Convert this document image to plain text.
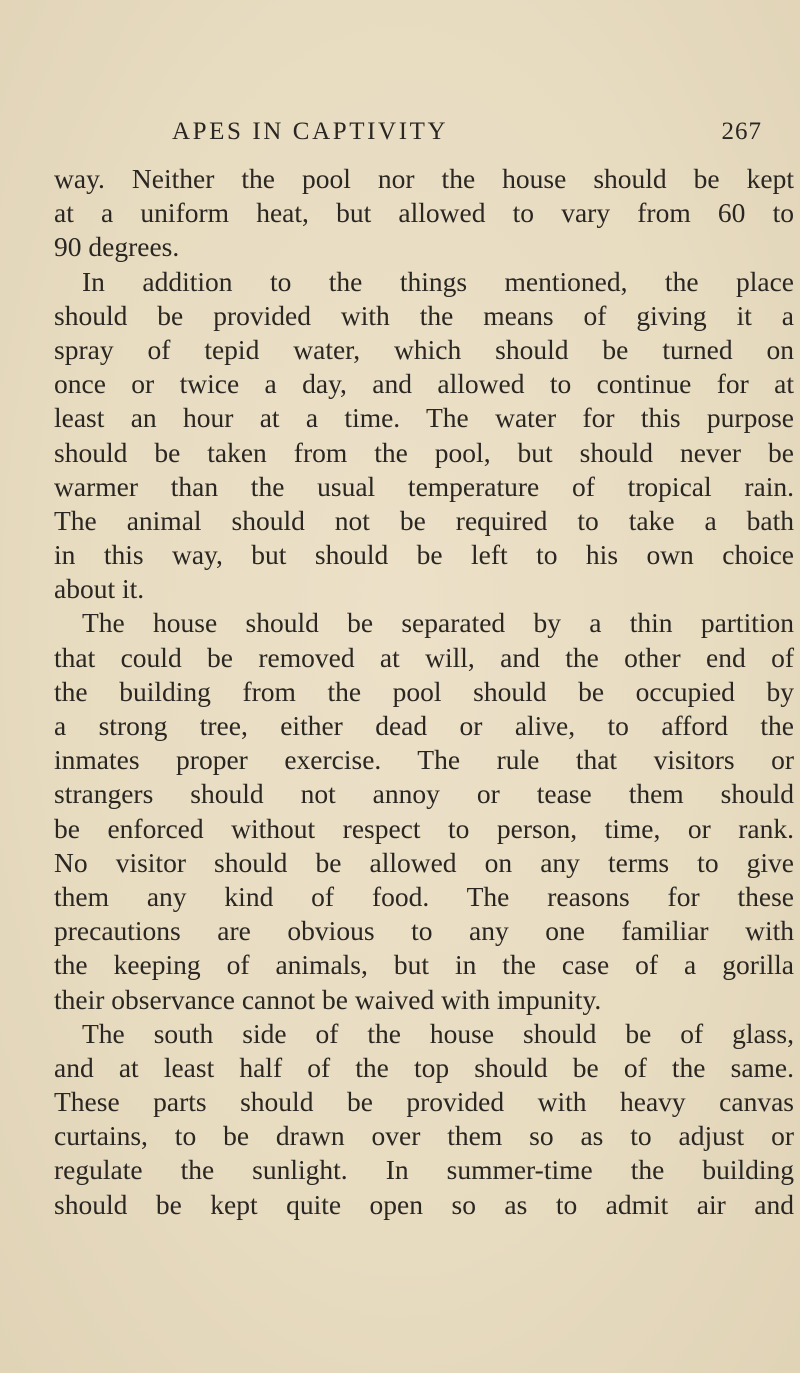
APES IN CAPTIVITY	267
way. Neither the pool nor the house should be kept
at a uniform heat, but allowed to vary from 60 to
90 degrees.
In addition to the things mentioned, the place
should be provided with the means of giving it a
spray of tepid water, which should be turned on
once or twice a day, and allowed to continue for at
least an hour at a time. The water for this purpose
should be taken from the pool, but should never be
warmer than the usual temperature of tropical rain.
The animal should not be required to take a bath
in this way, but should be left to his own choice
about it.
The house should be separated by a thin partition
that could be removed at will, and the other end of
the building from the pool should be occupied by
a strong tree, either dead or alive, to afford the
inmates proper exercise. The rule that visitors or
strangers should not annoy or tease them should
be enforced without respect to person, time, or rank.
No visitor should be allowed on any terms to give
them any kind of food. The reasons for these
precautions are obvious to any one familiar with
the keeping of animals, but in the case of a gorilla
their observance cannot be waived with impunity.
The south side of the house should be of glass,
and at least half of the top should be of the same.
These parts should be provided with heavy canvas
curtains, to be drawn over them so as to adjust or
regulate the sunlight. In summer-time the building
should be kept quite open so as to admit air and
